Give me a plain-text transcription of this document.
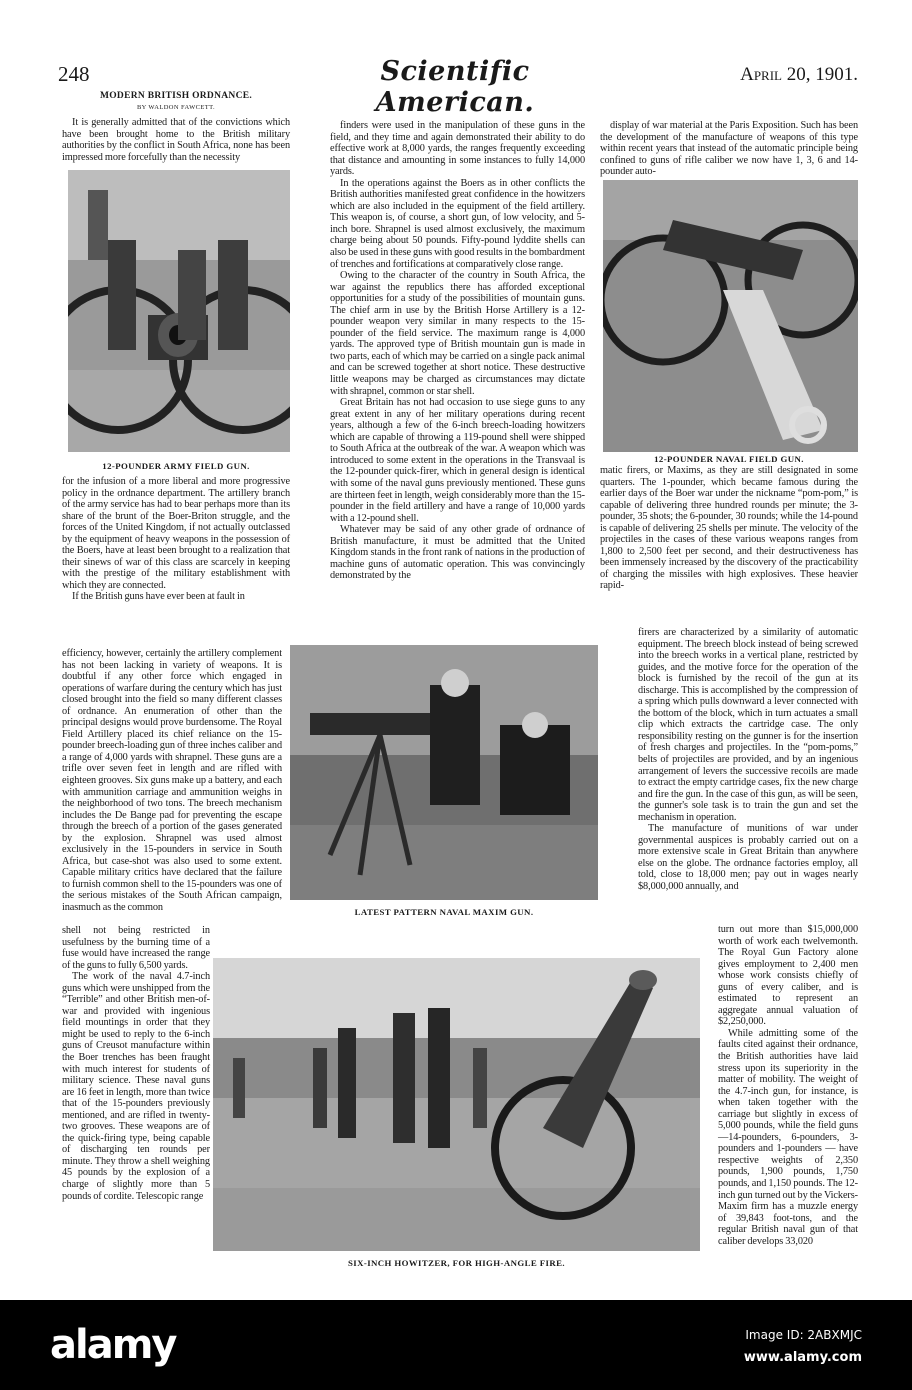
248	Scientific American.
April 20, 1901.
MODERN BRITISH ORDNANCE.
BY WALDON FAWCETT.

It is generally admitted that of the convictions which have been brought home to the British military authorities by the conflict in South Africa, none has been impressed more forcefully than the necessity

12-POUNDER ARMY FIELD GUN.

for the infusion of a more liberal and more progressive policy in the ordnance department. The artillery branch of the army service has had to bear perhaps more than its share of the brunt of the Boer-Briton struggle, and the forces of the United Kingdom, if not actually outclassed by the equipment of heavy weapons in the possession of the Boers, have at least been brought to a realization that their sinews of war of this class are scarcely in keeping with the prestige of the military establishment with which they are connected.

If the British guns have ever been at fault in

efficiency, however, certainly the artillery complement has not been lacking in variety of weapons. It is doubtful if any other force which engaged in operations of warfare during the century which has just closed brought into the field so many different classes of ordnance. An enumeration of other than the principal designs would prove burdensome. The Royal Field Artillery placed its chief reliance on the 15-pounder breech-loading gun of three inches caliber and a range of 4,000 yards with shrapnel. These guns are a trifle over seven feet in length and are rifled with eighteen grooves. Six guns make up a battery, and each with ammunition carriage and ammunition weighs in the neighborhood of two tons. The breech mechanism includes the De Bange pad for preventing the escape through the breech of a portion of the gases generated by the explosion. Shrapnel was used almost exclusively in the 15-pounders in service in South Africa, but case-shot was also used to some extent. Capable military critics have declared that the failure to furnish common shell to the 15-pounders was one of the serious mistakes of the South African campaign, inasmuch as the common

shell not being restricted in usefulness by the burning time of a fuse would have increased the range of the guns to fully 6,500 yards.

The work of the naval 4.7-inch guns which were unshipped from the “Terrible” and other British men-of-war and provided with ingenious field mountings in order that they might be used to reply to the 6-inch guns of Creusot manufacture within the Boer trenches has been fraught with much interest for students of military science. These naval guns are 16 feet in length, more than twice that of the 15-pounders previously mentioned, and are rifled in twenty-two grooves. These weapons are of the quick-firing type, being capable of discharging ten rounds per minute. They throw a shell weighing 45 pounds by the explosion of a charge of slightly more than 5 pounds of cordite. Telescopic range

finders were used in the manipulation of these guns in the field, and they time and again demonstrated their ability to do effective work at 8,000 yards, the ranges frequently exceeding that distance and amounting in some instances to fully 14,000 yards.

In the operations against the Boers as in other conflicts the British authorities manifested great confidence in the howitzers which are also included in the equipment of the field artillery. This weapon is, of course, a short gun, of low velocity, and 5-inch bore. Shrapnel is used almost exclusively, the maximum charge being about 50 pounds. Fifty-pound lyddite shells can also be used in these guns with good results in the bombardment of trenches and fortifications at comparatively close range.

Owing to the character of the country in South Africa, the war against the republics there has afforded exceptional opportunities for a study of the possibilities of mountain guns. The chief arm in use by the British Horse Artillery is a 12-pounder weapon very similar in many respects to the 15-pounder of the field service. The maximum range is 4,000 yards. The approved type of British mountain gun is made in two parts, each of which may be carried on a single pack animal and can be screwed together at short notice. These destructive little weapons may be charged as circumstances may dictate with shrapnel, common or star shell.

Great Britain has not had occasion to use siege guns to any great extent in any of her military operations during recent years, although a few of the 6-inch breech-loading howitzers which are capable of throwing a 119-pound shell were shipped to South Africa at the outbreak of the war. A weapon which was introduced to some extent in the operations in the Transvaal is the 12-pounder quick-firer, which in general design is identical with some of the naval guns previously mentioned. These guns are thirteen feet in length, weigh considerably more than the 15-pounder in the field artillery and have a range of 10,000 yards with a 12-pound shell.

Whatever may be said of any other grade of ordnance of British manufacture, it must be admitted that the United Kingdom stands in the front rank of nations in the production of machine guns of automatic operation. This was convincingly demonstrated by the

LATEST PATTERN NAVAL MAXIM GUN.

display of war material at the Paris Exposition. Such has been the development of the manufacture of weapons of this type within recent years that instead of the automatic principle being confined to guns of rifle caliber we now have 1, 3, 6 and 14-pounder auto-

12-POUNDER NAVAL FIELD GUN.

matic firers, or Maxims, as they are still designated in some quarters. The 1-pounder, which became famous during the earlier days of the Boer war under the nickname “pom-pom,” is capable of delivering three hundred rounds per minute; the 3-pounder, 35 shots; the 6-pounder, 30 rounds; while the 14-pound is capable of delivering 25 shells per minute. The velocity of the projectiles in the cases of these various weapons ranges from 1,800 to 2,500 feet per second, and their destructiveness has been immensely increased by the discovery of the practicability of charging the missiles with high explosives. These heavier rapid-

firers are characterized by a similarity of automatic equipment. The breech block instead of being screwed into the breech works in a vertical plane, restricted by guides, and the motive force for the operation of the block is furnished by the recoil of the gun at its discharge. This is accomplished by the compression of a spring which pulls downward a lever connected with the bottom of the block, which in turn actuates a small clip which extracts the cartridge case. The only responsibility resting on the gunner is for the insertion of fresh charges and projectiles. In the “pom-poms,” belts of projectiles are provided, and by an ingenious arrangement of levers the successive recoils are made to extract the empty cartridge cases, fix the new charge and fire the gun. In the case of this gun, as will be seen, the gunner's sole task is to train the gun and set the mechanism in operation.

The manufacture of munitions of war under governmental auspices is probably carried out on a more extensive scale in Great Britain than anywhere else on the globe. The ordnance factories employ, all told, close to 18,000 men; pay out in wages nearly $8,000,000 annually, and

turn out more than $15,000,000 worth of work each twelvemonth. The Royal Gun Factory alone gives employment to 2,400 men whose work consists chiefly of guns of every caliber, and is estimated to represent an aggregate annual valuation of $2,250,000.

While admitting some of the faults cited against their ordnance, the British authorities have laid stress upon its superiority in the matter of mobility. The weight of the 4.7-inch gun, for instance, is when taken together with the carriage but slightly in excess of 5,000 pounds, while the field guns—14-pounders, 6-pounders, 3-pounders and 1-pounders — have respective weights of 2,350 pounds, 1,900 pounds, 1,750 pounds, and 1,150 pounds. The 12-inch gun turned out by the Vickers-Maxim firm has a muzzle energy of 39,843 foot-tons, and the regular British naval gun of that caliber develops 33,020

SIX-INCH HOWITZER, FOR HIGH-ANGLE FIRE.
alamy	Image ID: 2ABXMJC
www.alamy.com
